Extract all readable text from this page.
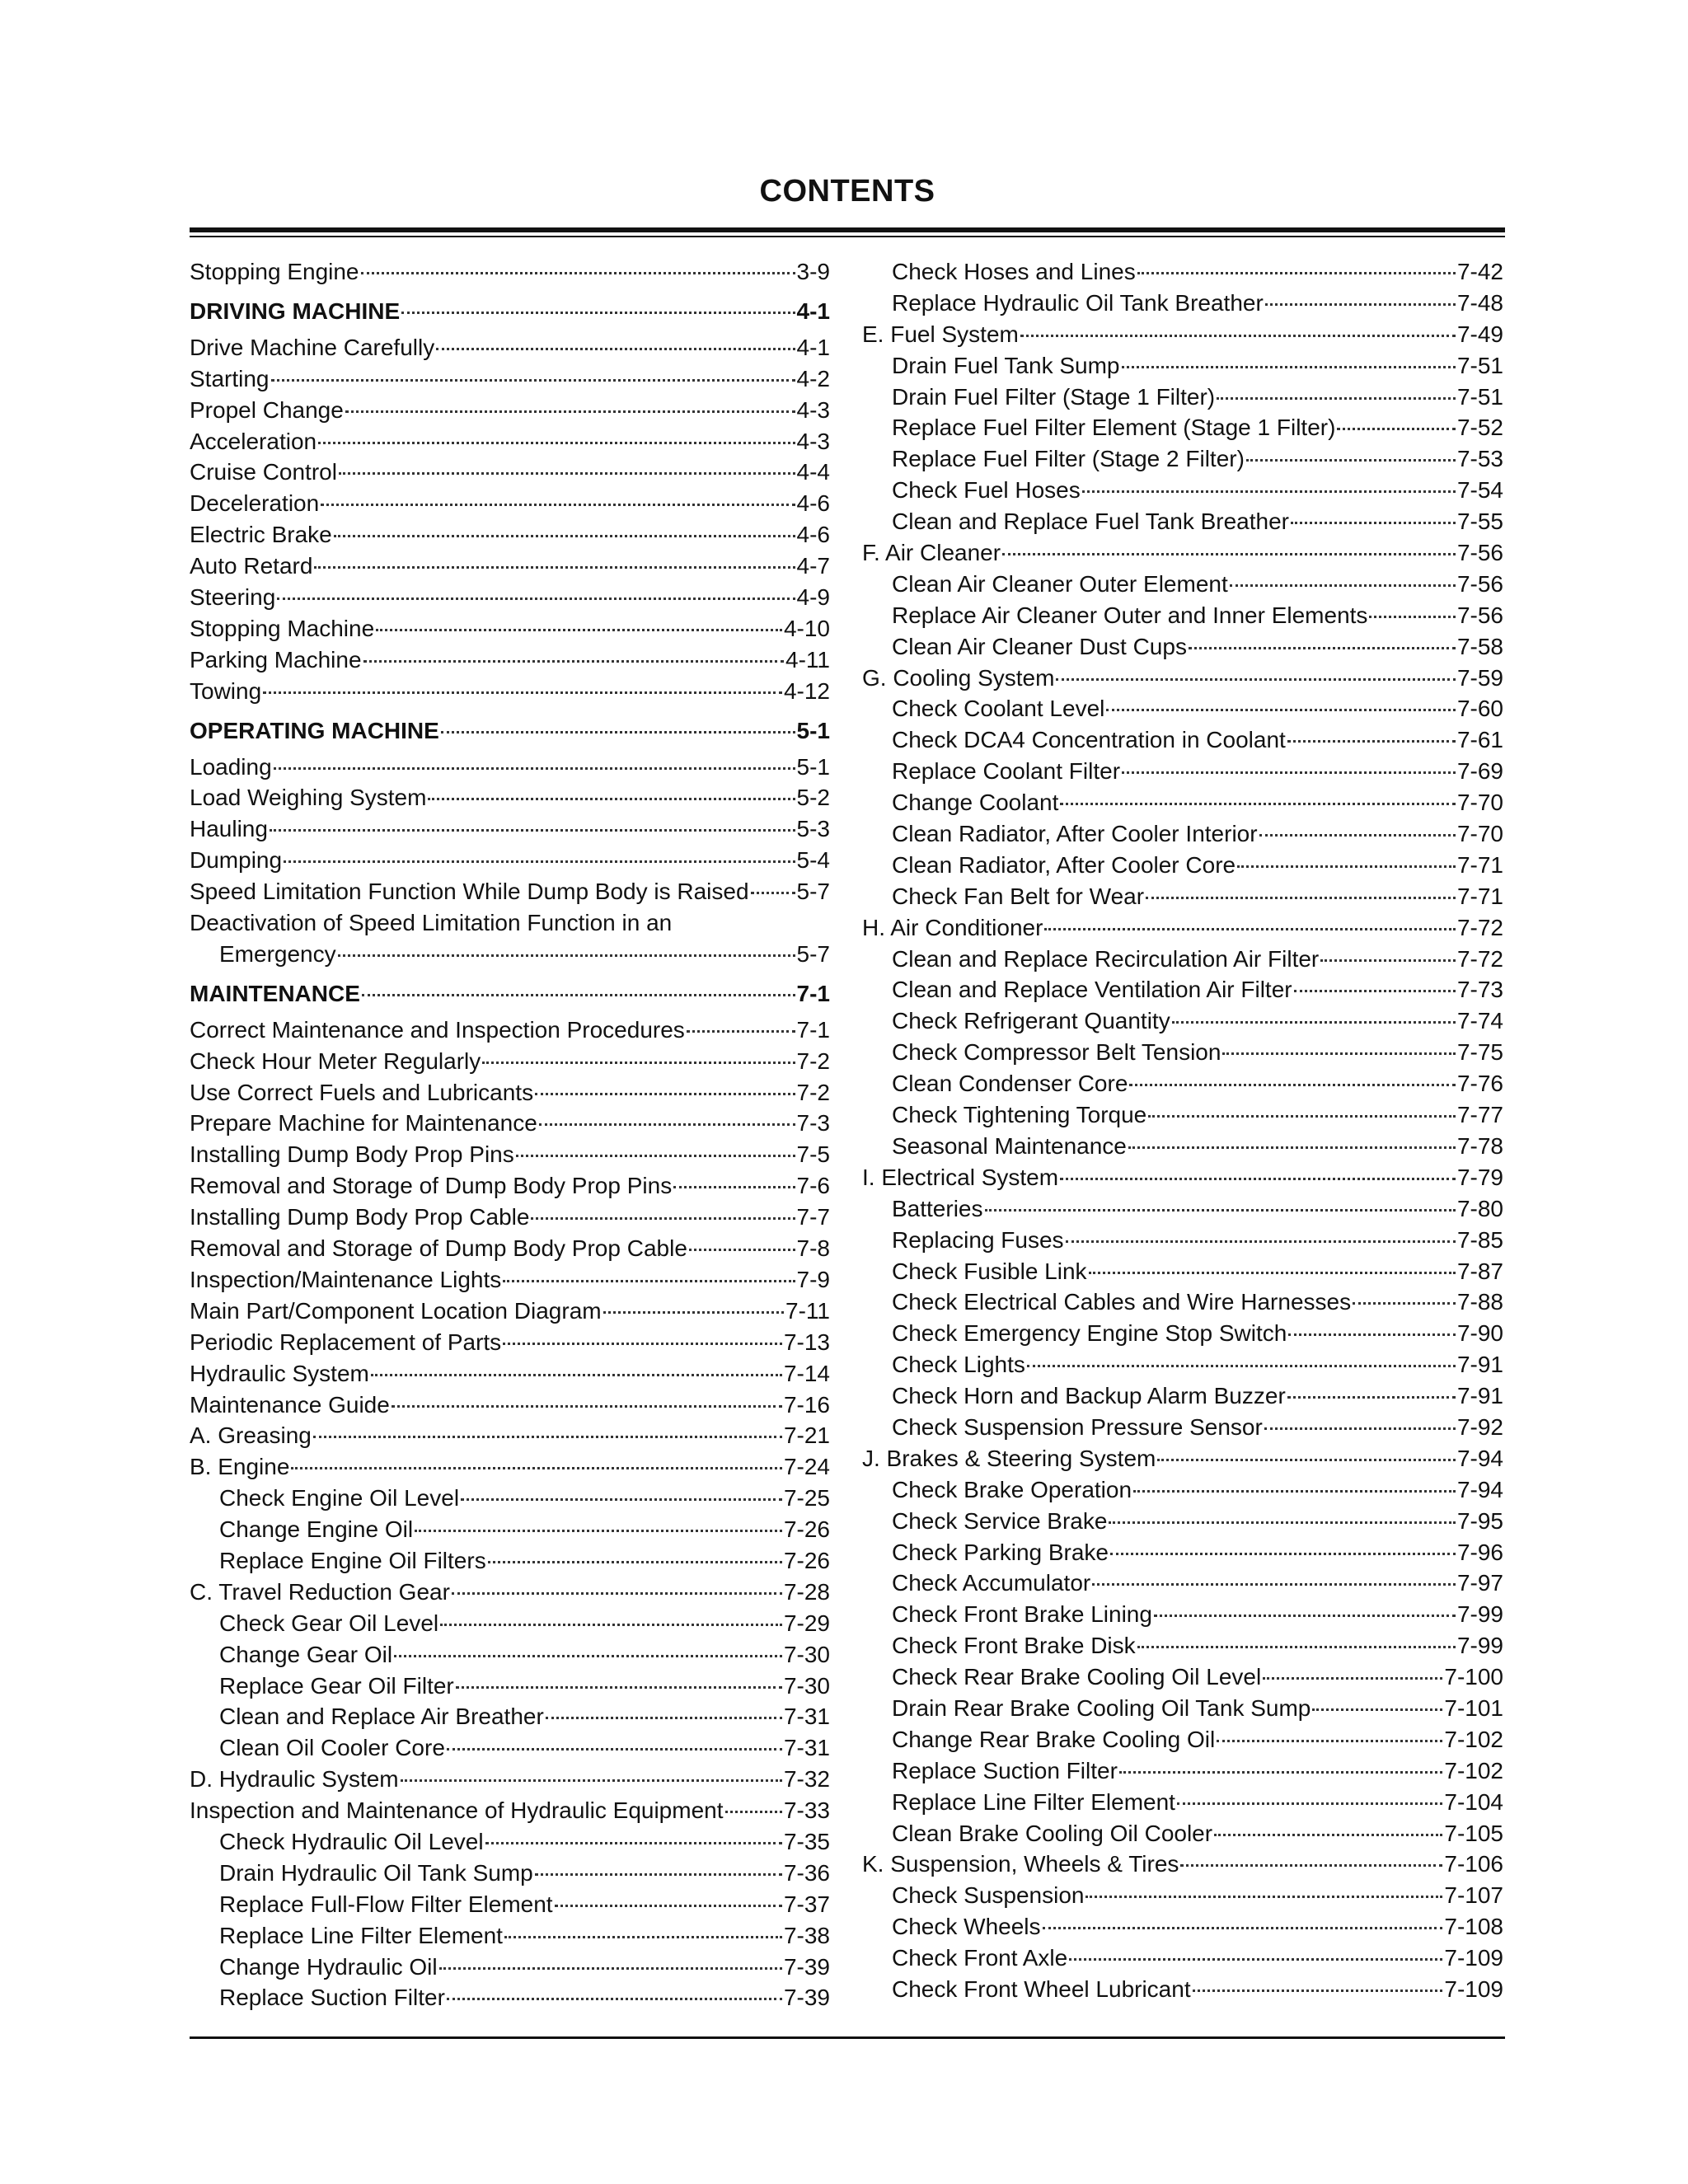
CONTENTS
Stopping Engine	3-9
DRIVING MACHINE	4-1
Drive Machine Carefully	4-1
Starting	4-2
Propel Change	4-3
Acceleration	4-3
Cruise Control	4-4
Deceleration	4-6
Electric Brake	4-6
Auto Retard	4-7
Steering	4-9
Stopping Machine	4-10
Parking Machine	4-11
Towing	4-12
OPERATING MACHINE	5-1
Loading	5-1
Load Weighing System	5-2
Hauling	5-3
Dumping	5-4
Speed Limitation Function While Dump Body is Raised 5-7
Deactivation of Speed Limitation Function in an
Emergency	5-7
MAINTENANCE	7-1
Correct Maintenance and Inspection Procedures	7-1
Check Hour Meter Regularly	7-2
Use Correct Fuels and Lubricants	7-2
Prepare Machine for Maintenance	7-3
Installing Dump Body Prop Pins	7-5
Removal and Storage of Dump Body Prop Pins	7-6
Installing Dump Body Prop Cable	7-7
Removal and Storage of Dump Body Prop Cable	7-8
Inspection/Maintenance Lights	7-9
Main Part/Component Location Diagram	7-11
Periodic Replacement of Parts	7-13
Hydraulic System	7-14
Maintenance Guide	7-16
A. Greasing	7-21
B. Engine	7-24
Check Engine Oil Level	7-25
Change Engine Oil	7-26
Replace Engine Oil Filters	7-26
C. Travel Reduction Gear	7-28
Check Gear Oil Level	7-29
Change Gear Oil	7-30
Replace Gear Oil Filter	7-30
Clean and Replace Air Breather	7-31
Clean Oil Cooler Core	7-31
D. Hydraulic System	7-32
Inspection and Maintenance of Hydraulic Equipment	7-33
Check Hydraulic Oil Level	7-35
Drain Hydraulic Oil Tank Sump	7-36
Replace Full-Flow Filter Element	7-37
Replace Line Filter Element	7-38
Change Hydraulic Oil	7-39
Replace Suction Filter	7-39
Check Hoses and Lines	7-42
Replace Hydraulic Oil Tank Breather	7-48
E. Fuel System	7-49
Drain Fuel Tank Sump	7-51
Drain Fuel Filter (Stage 1 Filter)	7-51
Replace Fuel Filter Element (Stage 1 Filter)	7-52
Replace Fuel Filter (Stage 2 Filter)	7-53
Check Fuel Hoses	7-54
Clean and Replace Fuel Tank Breather	7-55
F. Air Cleaner	7-56
Clean Air Cleaner Outer Element	7-56
Replace Air Cleaner Outer and Inner Elements	7-56
Clean Air Cleaner Dust Cups	7-58
G. Cooling System	7-59
Check Coolant Level	7-60
Check DCA4 Concentration in Coolant	7-61
Replace Coolant Filter	7-69
Change Coolant	7-70
Clean Radiator, After Cooler Interior	7-70
Clean Radiator, After Cooler Core	7-71
Check Fan Belt for Wear	7-71
H. Air Conditioner	7-72
Clean and Replace Recirculation Air Filter	7-72
Clean and Replace Ventilation Air Filter	7-73
Check Refrigerant Quantity	7-74
Check Compressor Belt Tension	7-75
Clean Condenser Core	7-76
Check Tightening Torque	7-77
Seasonal Maintenance	7-78
I. Electrical System	7-79
Batteries	7-80
Replacing Fuses	7-85
Check Fusible Link	7-87
Check Electrical Cables and Wire Harnesses	7-88
Check Emergency Engine Stop Switch	7-90
Check Lights	7-91
Check Horn and Backup Alarm Buzzer	7-91
Check Suspension Pressure Sensor	7-92
J. Brakes & Steering System	7-94
Check Brake Operation	7-94
Check Service Brake	7-95
Check Parking Brake	7-96
Check Accumulator	7-97
Check Front Brake Lining	7-99
Check Front Brake Disk	7-99
Check Rear Brake Cooling Oil Level	7-100
Drain Rear Brake Cooling Oil Tank Sump	7-101
Change Rear Brake Cooling Oil	7-102
Replace Suction Filter	7-102
Replace Line Filter Element	7-104
Clean Brake Cooling Oil Cooler	7-105
K. Suspension, Wheels & Tires	7-106
Check Suspension	7-107
Check Wheels	7-108
Check Front Axle	7-109
Check Front Wheel Lubricant	7-109
